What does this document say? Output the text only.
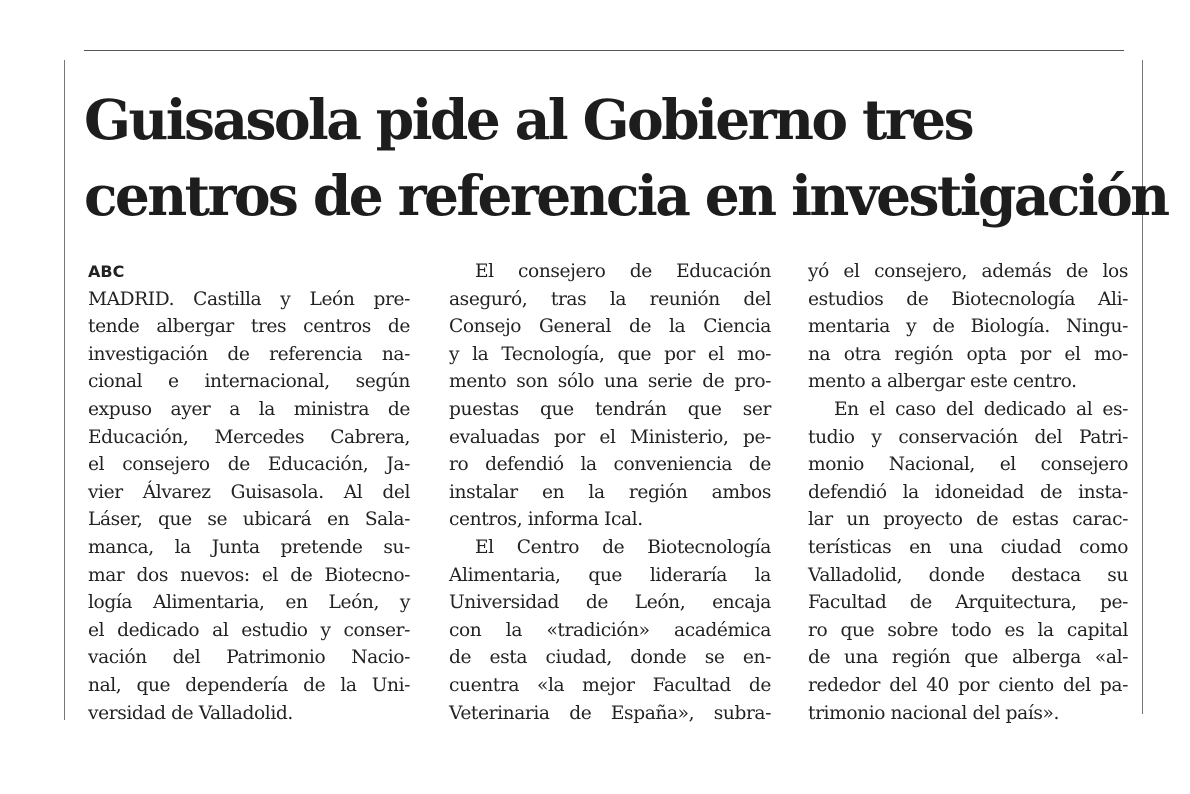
Guisasola pide al Gobierno tres
centros de referencia en investigación
ABC
MADRID. Castilla y León pre-
tende albergar tres centros de
investigación de referencia na-
cional e internacional, según
expuso ayer a la ministra de
Educación, Mercedes Cabrera,
el consejero de Educación, Ja-
vier Álvarez Guisasola. Al del
Láser, que se ubicará en Sala-
manca, la Junta pretende su-
mar dos nuevos: el de Biotecno-
logía Alimentaria, en León, y
el dedicado al estudio y conser-
vación del Patrimonio Nacio-
nal, que dependería de la Uni-
versidad de Valladolid.
El consejero de Educación
aseguró, tras la reunión del
Consejo General de la Ciencia
y la Tecnología, que por el mo-
mento son sólo una serie de pro-
puestas que tendrán que ser
evaluadas por el Ministerio, pe-
ro defendió la conveniencia de
instalar en la región ambos
centros, informa Ical.
El Centro de Biotecnología
Alimentaria, que lideraría la
Universidad de León, encaja
con la «tradición» académica
de esta ciudad, donde se en-
cuentra «la mejor Facultad de
Veterinaria de España», subra-
yó el consejero, además de los
estudios de Biotecnología Ali-
mentaria y de Biología. Ningu-
na otra región opta por el mo-
mento a albergar este centro.
En el caso del dedicado al es-
tudio y conservación del Patri-
monio Nacional, el consejero
defendió la idoneidad de insta-
lar un proyecto de estas carac-
terísticas en una ciudad como
Valladolid, donde destaca su
Facultad de Arquitectura, pe-
ro que sobre todo es la capital
de una región que alberga «al-
rededor del 40 por ciento del pa-
trimonio nacional del país».
